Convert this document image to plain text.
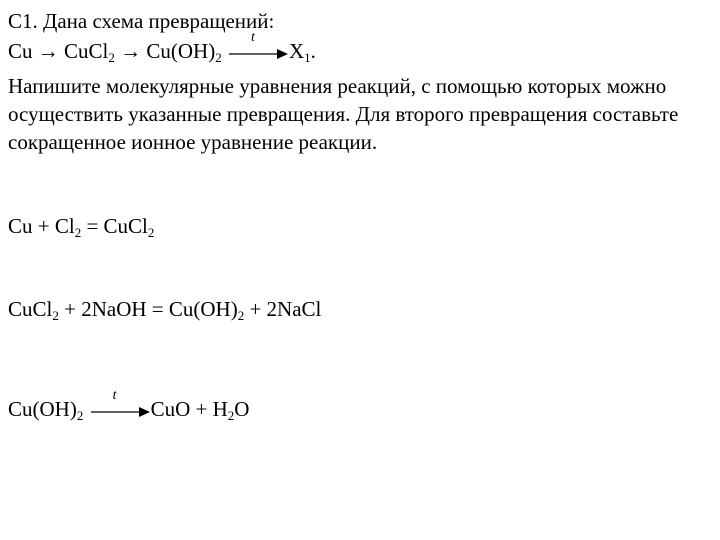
C1. Дана схема превращений:
Cu → CuCl$_2$ → $Cu(OH)_2$
t
$X_1$.
Напишите молекулярные уравнения реакций, с помощью которых можно осуществить указанные превращения. Для второго превращения составьте сокращенное ионное уравнение реакции.
$Cu + Cl_2$ = CuCl$_2$
CuCl$_2$ + 2NaOH = $Cu(OH)_2$ + 2NaCl
$Cu(OH)_2$
t
CuO + $H_2O$
